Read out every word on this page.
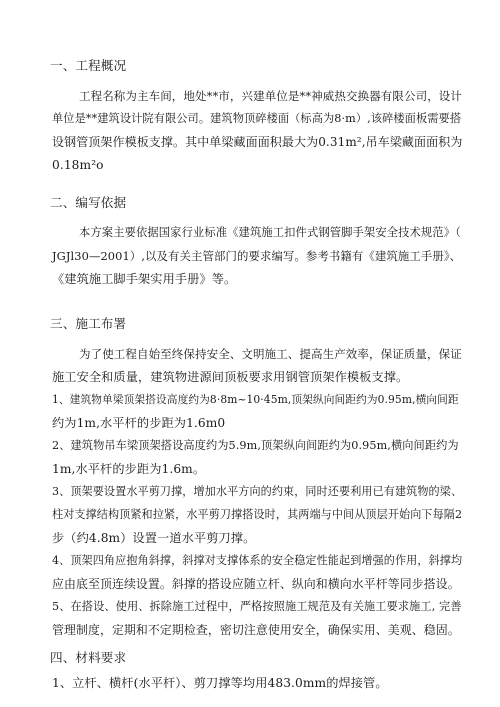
一、工程概况
工程名称为主车间，地处**市，兴建单位是**神威热交换器有限公司，设计
单位是**建筑设计院有限公司。建筑物顶碎楼面（标高为8·m）,该碎楼面板需要搭
设钢管顶架作模板支撑。其中单梁藏面面积最大为0.31m²,吊车梁藏面面积为
0.18m²o
二、编写依据
本方案主要依据国家行业标准《建筑施工扣件式钢管脚手架安全技术规范》（
JGJl30—2001）,以及有关主管部门的要求编写。参考书籍有《建筑施工手册》、
《建筑施工脚手架实用手册》等。
三、施工布署
为了使工程自始至终保持安全、文明施工、提高生产效率，保证质量，保证
施工安全和质量，建筑物进源间顶板要求用钢管顶架作模板支撑。
1、建筑物单梁顶架搭设高度约为8·8m~10·45m,顶架纵向间距约为0.95m,横向间距
约为1m,水平杆的步距为1.6m0
2、建筑物吊车梁顶架搭设高度约为5.9m,顶架纵向间距约为0.95m,横向间距约为
1m,水平杆的步距为1.6m。
3、顶架要设置水平剪刀撑，增加水平方向的约束，同时还要利用已有建筑物的梁、
柱对支撑结构顶紧和拉紧，水平剪刀撑搭设时，其两端与中间从顶层开始向下每隔2
步（约4.8m）设置一道水平剪刀撑。
4、顶架四角应抱角斜撑，斜撑对支撑体系的安全稳定性能起到增强的作用，斜撑均
应由底至顶连续设置。斜撑的搭设应随立杆、纵向和横向水平杆等同步搭设。
5、在搭设、使用、拆除施工过程中，严格按照施工规范及有关施工要求施工, 完善
管理制度，定期和不定期检查，密切注意使用安全，确保实用、美观、稳固。
四、材料要求
1、立杆、横杆(水平杆）、剪刀撑等均用483.0mm的焊接管。
